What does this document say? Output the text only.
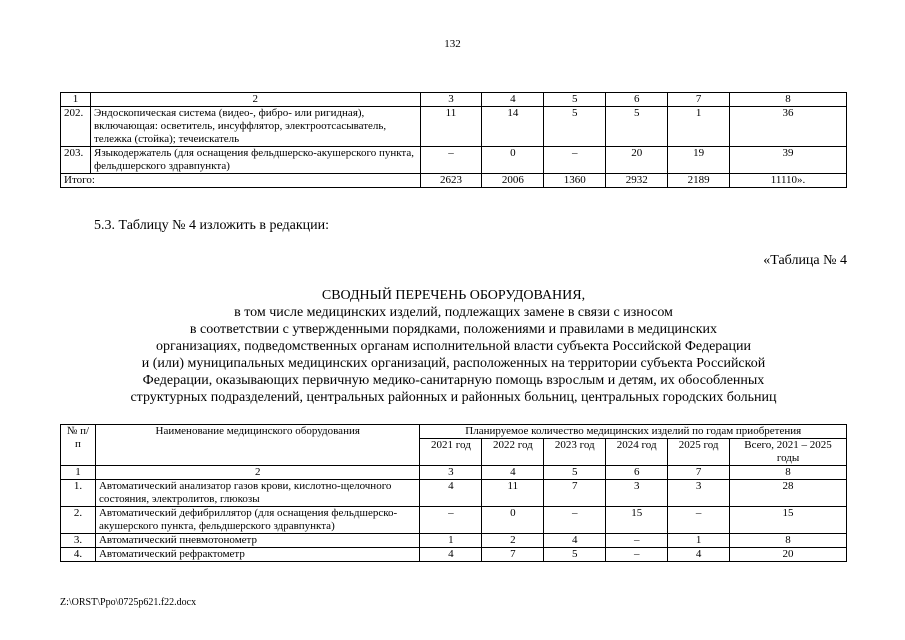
132
1	2	3	4	5	6	7	8
202.	Эндоскопическая система (видео-, фибро- или ригидная), включающая: осветитель, инсуффлятор, электроотсасыватель, тележка (стойка); течеискатель	11	14	5	5	1	36
203.	Языкодержатель (для оснащения фельдшерско-акушерского пункта, фельдшерского здравпункта)	–	0	–	20	19	39
Итого:		2623	2006	1360	2932	2189	11110».
5.3. Таблицу № 4 изложить в редакции:
«Таблица № 4
СВОДНЫЙ ПЕРЕЧЕНЬ ОБОРУДОВАНИЯ,
в том числе медицинских изделий, подлежащих замене в связи с износом
в соответствии с утвержденными порядками, положениями и правилами в медицинских
организациях, подведомственных органам исполнительной власти субъекта Российской Федерации
и (или) муниципальных медицинских организаций, расположенных на территории субъекта Российской
Федерации, оказывающих первичную медико-санитарную помощь взрослым и детям, их обособленных
структурных подразделений, центральных районных и районных больниц, центральных городских больниц
№ п/п	Наименование медицинского оборудования	Планируемое количество медицинских изделий по годам приобретения					
		2021 год	2022 год	2023 год	2024 год	2025 год	Всего, 2021 – 2025 годы
1	2	3	4	5	6	7	8
1.	Автоматический анализатор газов крови, кислотно-щелочного состояния, электролитов, глюкозы	4	11	7	3	3	28
2.	Автоматический дефибриллятор (для оснащения фельдшерско-акушерского пункта, фельдшерского здравпункта)	–	0	–	15	–	15
3.	Автоматический пневмотонометр	1	2	4	–	1	8
4.	Автоматический рефрактометр	4	7	5	–	4	20
Z:\ORST\Ppo\0725p621.f22.docx
